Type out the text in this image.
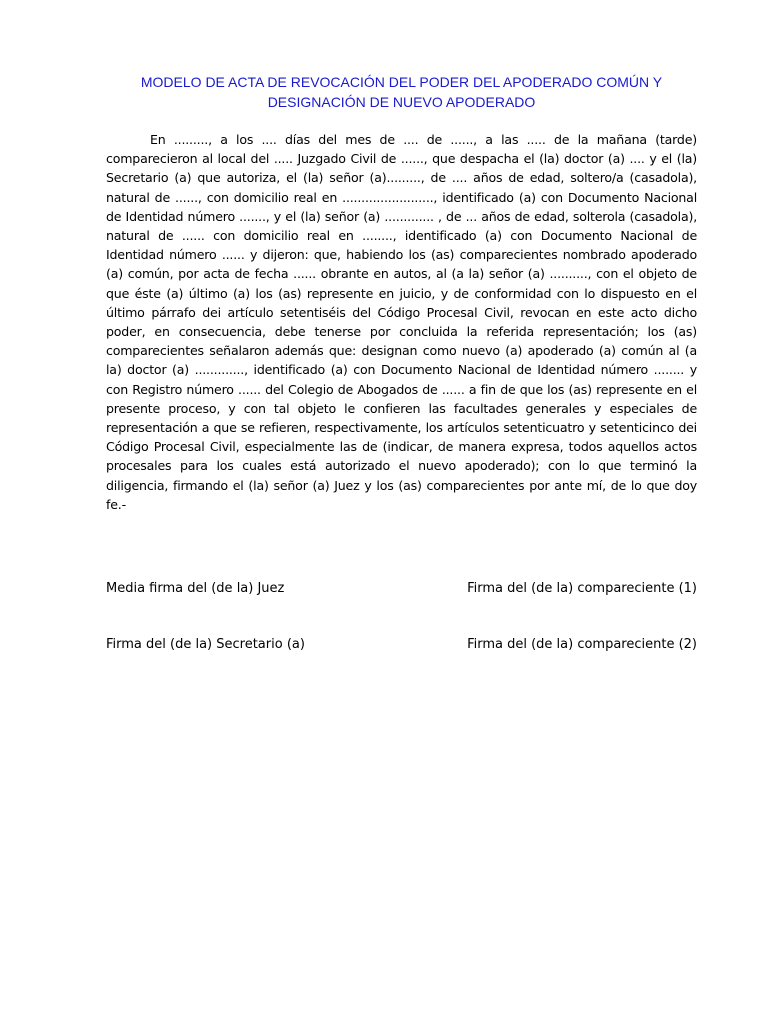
MODELO DE ACTA DE REVOCACIÓN DEL PODER DEL APODERADO COMÚN Y
DESIGNACIÓN DE NUEVO APODERADO

En ........., a los .... días del mes de .... de ......, a las ..... de la mañana (tarde) comparecieron al local del ..... Juzgado Civil de ......, que despacha el (la) doctor (a) .... y el (la) Secretario (a) que autoriza, el (la) señor (a)........., de .... años de edad, soltero/a (casadola), natural de ......, con domicilio real en ........................, identificado (a) con Documento Nacional de Identidad número ......., y el (la) señor (a) ............. , de ... años de edad, solterola (casadola), natural de ...... con domicilio real en ........, identificado (a) con Documento Nacional de Identidad número ...... y dijeron: que, habiendo los (as) comparecientes nombrado apoderado (a) común, por acta de fecha ...... obrante en autos, al (a la) señor (a) .........., con el objeto de que éste (a) último (a) los (as) represente en juicio, y de conformidad con lo dispuesto en el último párrafo dei artículo setentiséis del Código Procesal Civil, revocan en este acto dicho poder, en consecuencia, debe tenerse por concluida la referida representación; los (as) comparecientes señalaron además que: designan como nuevo (a) apoderado (a) común al (a la) doctor (a) ............., identificado (a) con Documento Nacional de Identidad número ........ y con Registro número ...... del Colegio de Abogados de ...... a fin de que los (as) represente en el presente proceso, y con tal objeto le confieren las facultades generales y especiales de representación a que se refieren, respectivamente, los artículos setenticuatro y setenticinco dei Código Procesal Civil, especialmente las de (indicar, de manera expresa, todos aquellos actos procesales para los cuales está autorizado el nuevo apoderado); con lo que terminó la diligencia, firmando el (la) señor (a) Juez y los (as) comparecientes por ante mí, de lo que doy fe.-

Media firma del (de la) Juez	Firma del (de la) compareciente (1)
Firma del (de la) Secretario (a)	Firma del (de la) compareciente (2)
